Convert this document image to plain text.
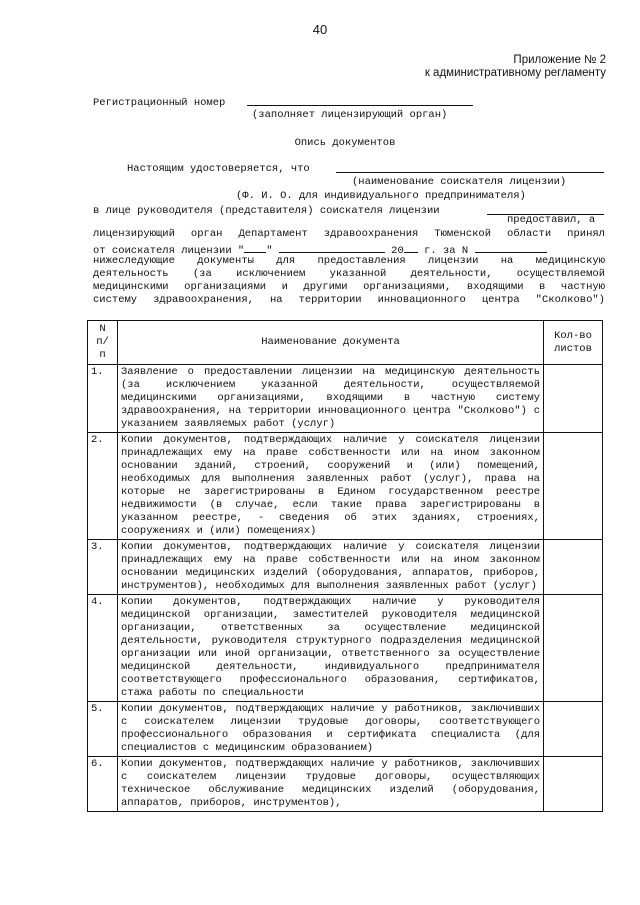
40
Приложение № 2
к административному регламенту
Регистрационный номер
(заполняет лицензирующий орган)
Опись документов
Настоящим удостоверяется, что
(наименование соискателя лицензии)
(Ф. И. О. для индивидуального предпринимателя)
в лице руководителя (представителя) соискателя лицензии
предоставил, а
лицензирующий орган Департамент здравоохранения Тюменской области принял
от соискателя лицензии " "	20 г. за N
нижеследующие документы для предоставления лицензии на медицинскую
деятельность (за исключением указанной деятельности, осуществляемой
медицинскими организациями и другими организациями, входящими в частную
систему здравоохранения, на территории инновационного центра "Сколково")
N п/п	Наименование документа	Кол-во листов
1.	Заявление о предоставлении лицензии на медицинскую деятельность (за исключением указанной деятельности, осуществляемой медицинскими организациями, входящими в частную систему здравоохранения, на территории инновационного центра "Сколково") с указанием заявляемых работ (услуг)	
2.	Копии документов, подтверждающих наличие у соискателя лицензии принадлежащих ему на праве собственности или на ином законном основании зданий, строений, сооружений и (или) помещений, необходимых для выполнения заявленных работ (услуг), права на которые не зарегистрированы в Едином государственном реестре недвижимости (в случае, если такие права зарегистрированы в указанном реестре, - сведения об этих зданиях, строениях, сооружениях и (или) помещениях)	
3.	Копии документов, подтверждающих наличие у соискателя лицензии принадлежащих ему на праве собственности или на ином законном основании медицинских изделий (оборудования, аппаратов, приборов, инструментов), необходимых для выполнения заявленных работ (услуг)	
4.	Копии документов, подтверждающих наличие у руководителя медицинской организации, заместителей руководителя медицинской организации, ответственных за осуществление медицинской деятельности, руководителя структурного подразделения медицинской организации или иной организации, ответственного за осуществление медицинской деятельности, индивидуального предпринимателя соответствующего профессионального образования, сертификатов, стажа работы по специальности	
5.	Копии документов, подтверждающих наличие у работников, заключивших с соискателем лицензии трудовые договоры, соответствующего профессионального образования и сертификата специалиста (для специалистов с медицинским образованием)	
6.	Копии документов, подтверждающих наличие у работников, заключивших с соискателем лицензии трудовые договоры, осуществляющих техническое обслуживание медицинских изделий (оборудования, аппаратов, приборов, инструментов),	
